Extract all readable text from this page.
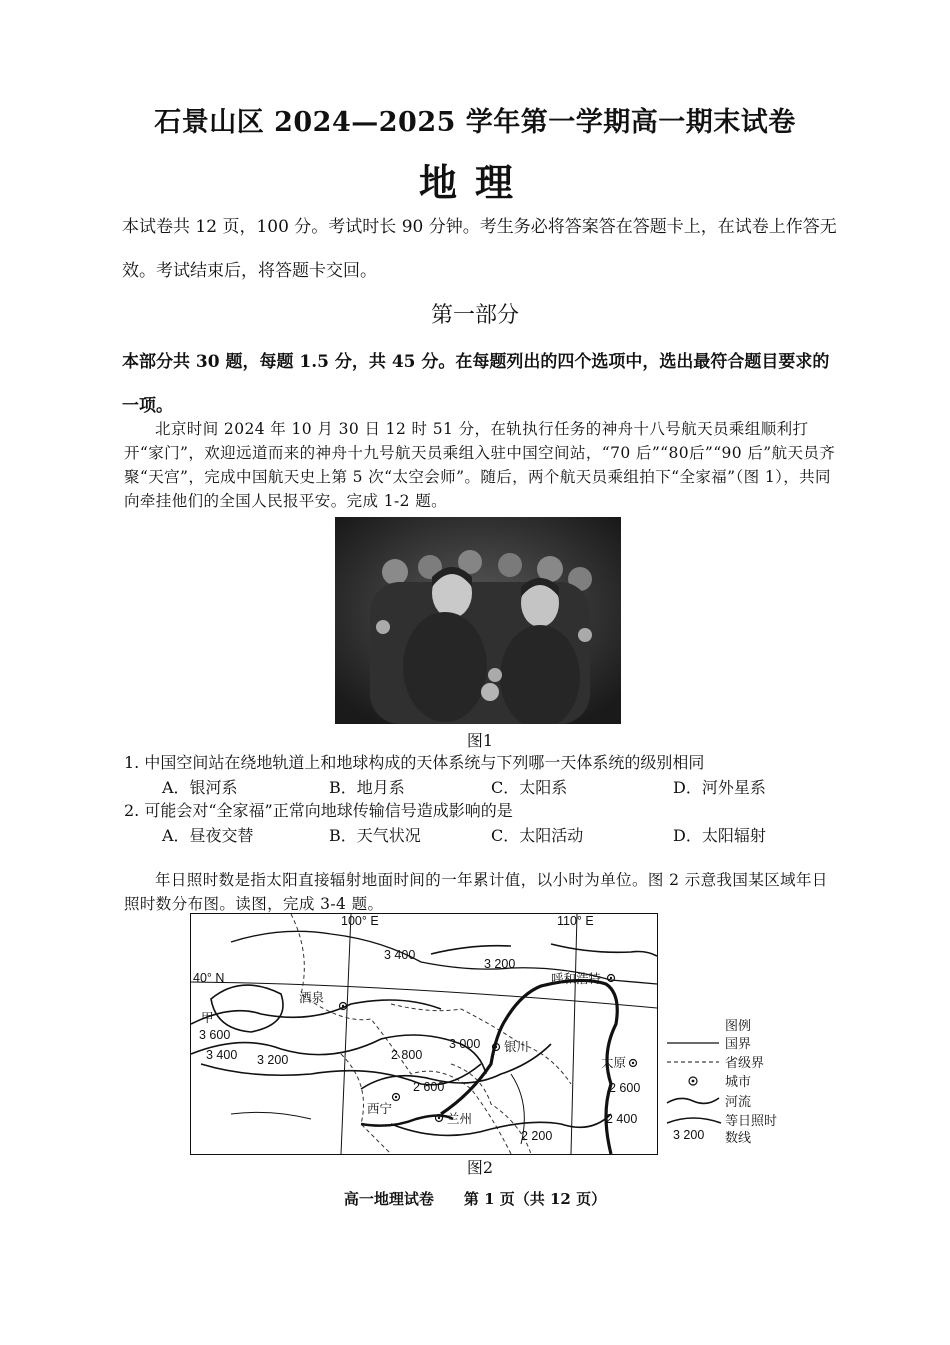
石景山区 2024—2025 学年第一学期高一期末试卷
地理
本试卷共 12 页，100 分。考试时长 90 分钟。考生务必将答案答在答题卡上，在试卷上作答无效。考试结束后，将答题卡交回。
第一部分
本部分共 30 题，每题 1.5 分，共 45 分。在每题列出的四个选项中，选出最符合题目要求的一项。
北京时间 2024 年 10 月 30 日 12 时 51 分，在轨执行任务的神舟十八号航天员乘组顺利打开“家门”，欢迎远道而来的神舟十九号航天员乘组入驻中国空间站，“70 后”“80后”“90 后”航天员齐聚“天宫”，完成中国航天史上第 5 次“太空会师”。随后，两个航天员乘组拍下“全家福”（图 1），共同向牵挂他们的全国人民报平安。完成 1-2 题。
图1
1. 中国空间站在绕地轨道上和地球构成的天体系统与下列哪一天体系统的级别相同
A．银河系	B．地月系	C．太阳系	D．河外星系
2. 可能会对“全家福”正常向地球传输信号造成影响的是
A．昼夜交替	B．天气状况	C．太阳活动	D．太阳辐射
年日照时数是指太阳直接辐射地面时间的一年累计值，以小时为单位。图 2 示意我国某区域年日照时数分布图。读图，完成 3-4 题。
100° E	110° E
40° N
3 400
3 200
3 600
3 400 3 200	2 800
3 000
2 600	2 600
2 400
2 200
呼和浩特
酒泉
银川
太原
西宁
兰州
甲
图例
国界
省级界
城市
河流
3 200
等日照时数线
图2
高一地理试卷　　第 1 页（共 12 页）
